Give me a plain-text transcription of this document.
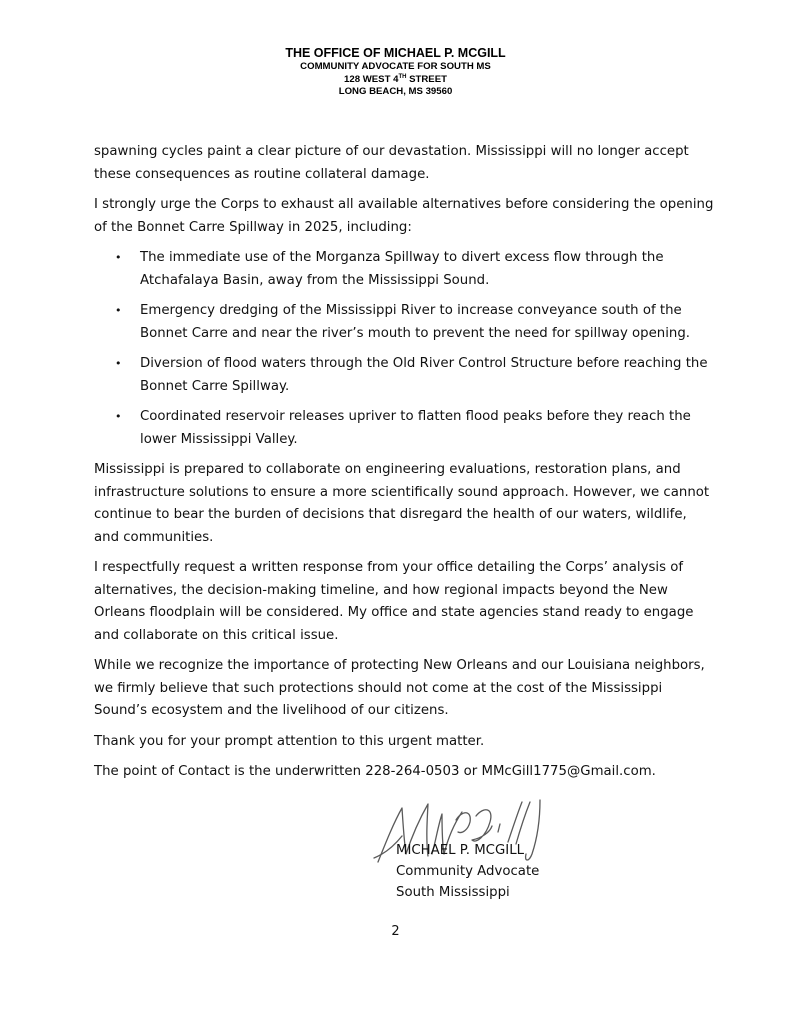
THE OFFICE OF MICHAEL P. MCGILL
COMMUNITY ADVOCATE FOR SOUTH MS
128 WEST 4TH STREET
LONG BEACH, MS 39560

spawning cycles paint a clear picture of our devastation. Mississippi will no longer accept these consequences as routine collateral damage.

I strongly urge the Corps to exhaust all available alternatives before considering the opening of the Bonnet Carre Spillway in 2025, including:

• The immediate use of the Morganza Spillway to divert excess flow through the Atchafalaya Basin, away from the Mississippi Sound.
• Emergency dredging of the Mississippi River to increase conveyance south of the Bonnet Carre and near the river’s mouth to prevent the need for spillway opening.
• Diversion of flood waters through the Old River Control Structure before reaching the Bonnet Carre Spillway.
• Coordinated reservoir releases upriver to flatten flood peaks before they reach the lower Mississippi Valley.

Mississippi is prepared to collaborate on engineering evaluations, restoration plans, and infrastructure solutions to ensure a more scientifically sound approach. However, we cannot continue to bear the burden of decisions that disregard the health of our waters, wildlife, and communities.

I respectfully request a written response from your office detailing the Corps’ analysis of alternatives, the decision-making timeline, and how regional impacts beyond the New Orleans floodplain will be considered. My office and state agencies stand ready to engage and collaborate on this critical issue.

While we recognize the importance of protecting New Orleans and our Louisiana neighbors, we firmly believe that such protections should not come at the cost of the Mississippi Sound’s ecosystem and the livelihood of our citizens.

Thank you for your prompt attention to this urgent matter.

The point of Contact is the underwritten 228-264-0503 or MMcGill1775@Gmail.com.

MICHAEL P. MCGILL
Community Advocate
South Mississippi
2
